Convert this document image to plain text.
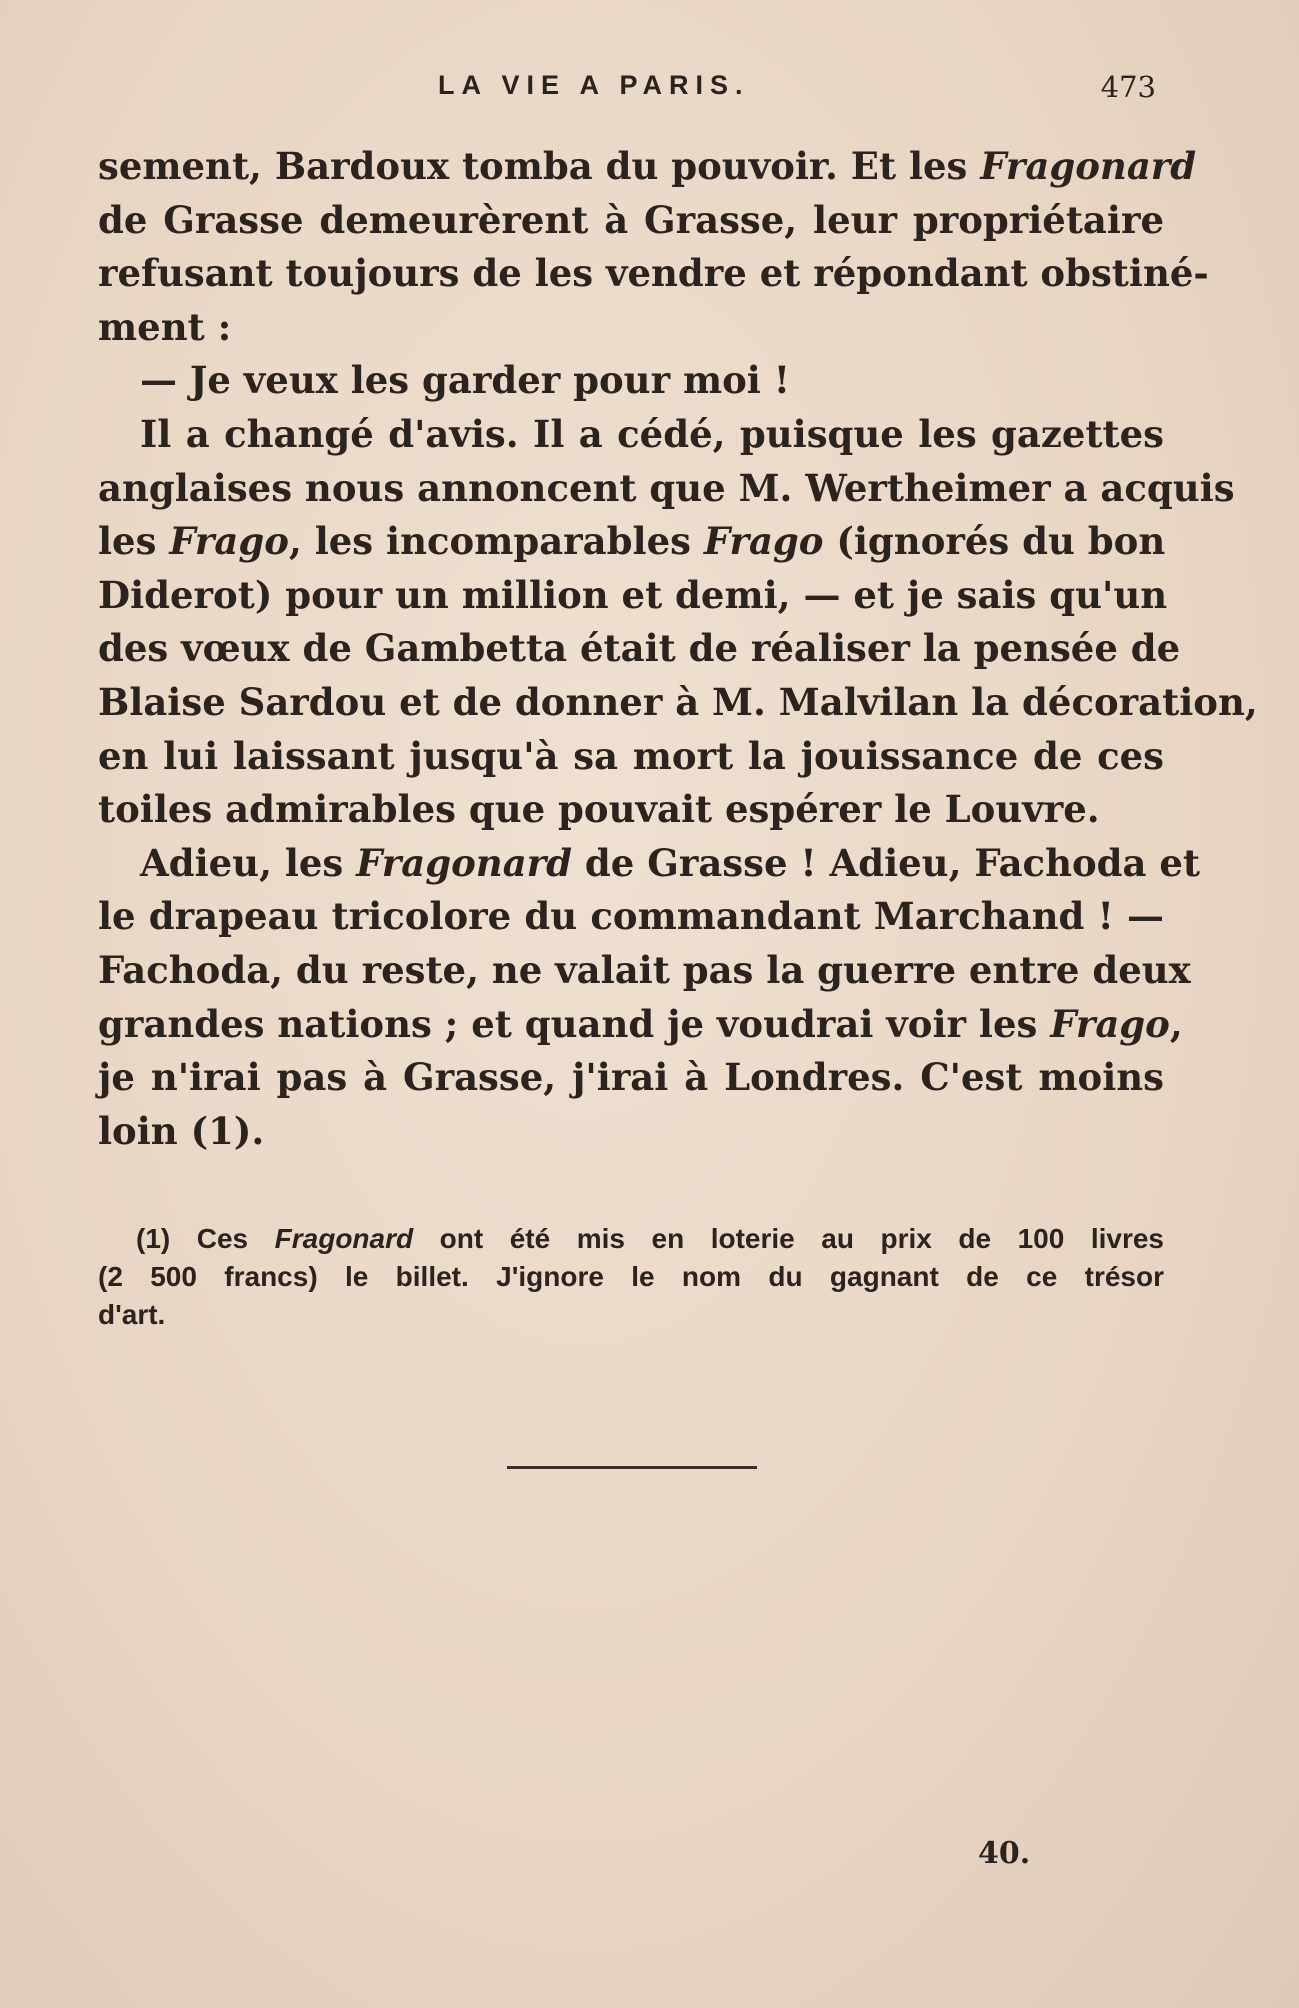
LA VIE A PARIS.	473
sement, Bardoux tomba du pouvoir. Et les Fragonard
de Grasse demeurèrent à Grasse, leur propriétaire
refusant toujours de les vendre et répondant obstiné-
ment :
— Je veux les garder pour moi !
Il a changé d'avis. Il a cédé, puisque les gazettes
anglaises nous annoncent que M. Wertheimer a acquis
les Frago, les incomparables Frago (ignorés du bon
Diderot) pour un million et demi, — et je sais qu'un
des vœux de Gambetta était de réaliser la pensée de
Blaise Sardou et de donner à M. Malvilan la décoration,
en lui laissant jusqu'à sa mort la jouissance de ces
toiles admirables que pouvait espérer le Louvre.
Adieu, les Fragonard de Grasse ! Adieu, Fachoda et
le drapeau tricolore du commandant Marchand ! —
Fachoda, du reste, ne valait pas la guerre entre deux
grandes nations ; et quand je voudrai voir les Frago,
je n'irai pas à Grasse, j'irai à Londres. C'est moins
loin (1).
(1) Ces Fragonard ont été mis en loterie au prix de 100 livres
(2 500 francs) le billet. J'ignore le nom du gagnant de ce trésor
d'art.
40.
